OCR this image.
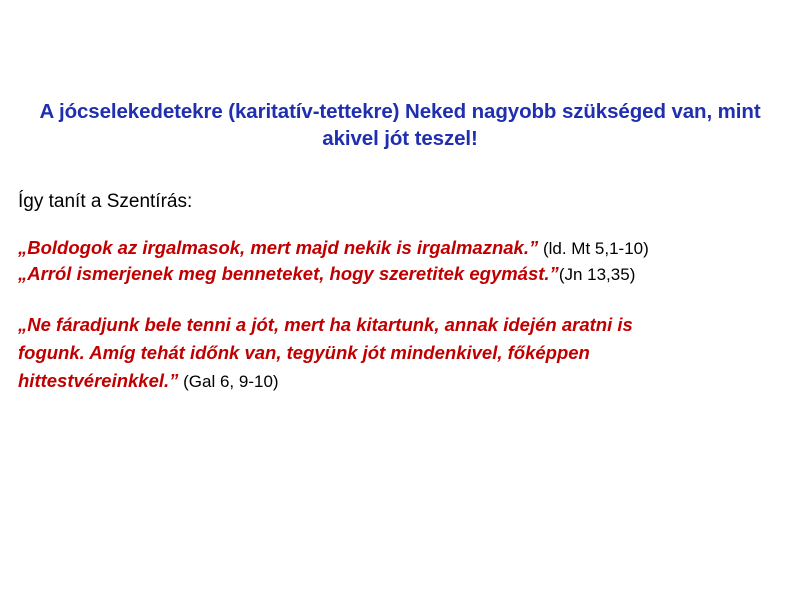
A jócselekedetekre (karitatív-tettekre) Neked nagyobb szükséged van, mint akivel jót teszel!

Így tanít a Szentírás:

„Boldogok az irgalmasok, mert majd nekik is irgalmaznak.” (ld. Mt 5,1-10)

„Arról ismerjenek meg benneteket, hogy szeretitek egymást.”(Jn 13,35)

„Ne fáradjunk bele tenni a jót, mert ha kitartunk, annak idején aratni is

fogunk. Amíg tehát időnk van, tegyünk jót mindenkivel, főképpen

hittestvéreinkkel.” (Gal 6, 9-10)
